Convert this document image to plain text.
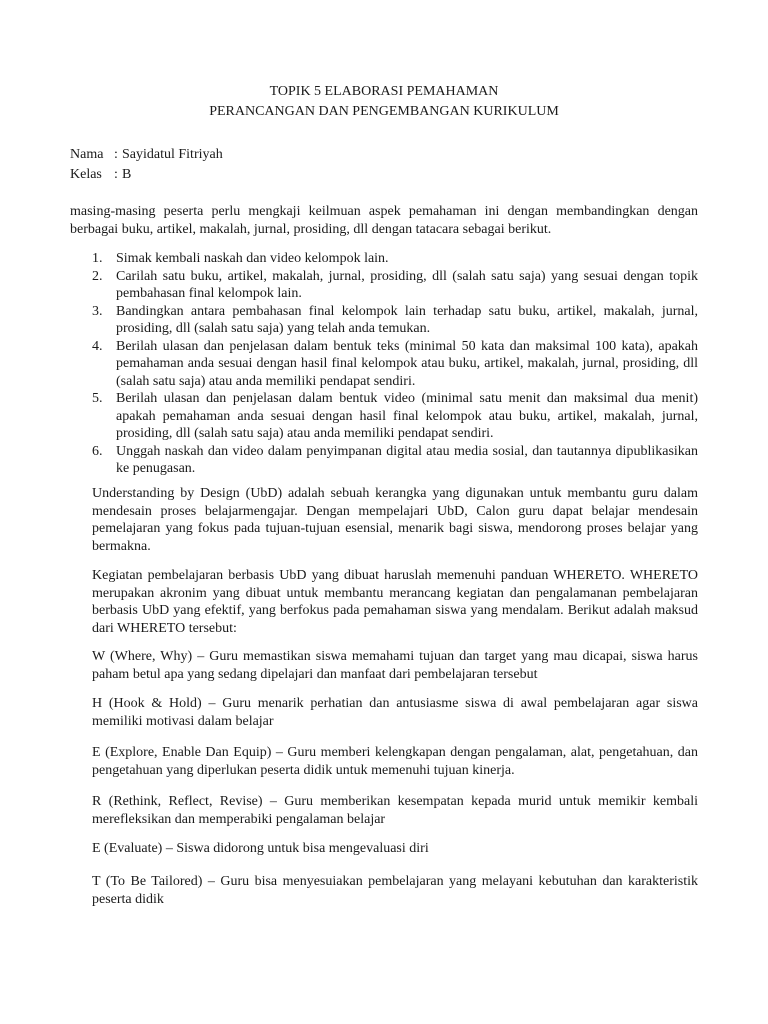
TOPIK 5 ELABORASI PEMAHAMAN
PERANCANGAN DAN PENGEMBANGAN KURIKULUM
Nama : Sayidatul Fitriyah
Kelas : B

masing-masing peserta perlu mengkaji keilmuan aspek pemahaman ini dengan membandingkan dengan berbagai buku, artikel, makalah, jurnal, prosiding, dll dengan tatacara sebagai berikut.

1. Simak kembali naskah dan video kelompok lain.
2. Carilah satu buku, artikel, makalah, jurnal, prosiding, dll (salah satu saja) yang sesuai dengan topik pembahasan final kelompok lain.
3. Bandingkan antara pembahasan final kelompok lain terhadap satu buku, artikel, makalah, jurnal, prosiding, dll (salah satu saja) yang telah anda temukan.
4. Berilah ulasan dan penjelasan dalam bentuk teks (minimal 50 kata dan maksimal 100 kata), apakah pemahaman anda sesuai dengan hasil final kelompok atau buku, artikel, makalah, jurnal, prosiding, dll (salah satu saja) atau anda memiliki pendapat sendiri.
5. Berilah ulasan dan penjelasan dalam bentuk video (minimal satu menit dan maksimal dua menit) apakah pemahaman anda sesuai dengan hasil final kelompok atau buku, artikel, makalah, jurnal, prosiding, dll (salah satu saja) atau anda memiliki pendapat sendiri.
6. Unggah naskah dan video dalam penyimpanan digital atau media sosial, dan tautannya dipublikasikan ke penugasan.

Understanding by Design (UbD) adalah sebuah kerangka yang digunakan untuk membantu guru dalam mendesain proses belajarmengajar. Dengan mempelajari UbD, Calon guru dapat belajar mendesain pemelajaran yang fokus pada tujuan-tujuan esensial, menarik bagi siswa, mendorong proses belajar yang bermakna.

Kegiatan pembelajaran berbasis UbD yang dibuat haruslah memenuhi panduan WHERETO. WHERETO merupakan akronim yang dibuat untuk membantu merancang kegiatan dan pengalamanan pembelajaran berbasis UbD yang efektif, yang berfokus pada pemahaman siswa yang mendalam. Berikut adalah maksud dari WHERETO tersebut:

W (Where, Why) – Guru memastikan siswa memahami tujuan dan target yang mau dicapai, siswa harus paham betul apa yang sedang dipelajari dan manfaat dari pembelajaran tersebut

H (Hook & Hold) – Guru menarik perhatian dan antusiasme siswa di awal pembelajaran agar siswa memiliki motivasi dalam belajar

E (Explore, Enable Dan Equip) – Guru memberi kelengkapan dengan pengalaman, alat, pengetahuan, dan pengetahuan yang diperlukan peserta didik untuk memenuhi tujuan kinerja.

R (Rethink, Reflect, Revise) – Guru memberikan kesempatan kepada murid untuk memikir kembali merefleksikan dan memperabiki pengalaman belajar

E (Evaluate) – Siswa didorong untuk bisa mengevaluasi diri

T (To Be Tailored) – Guru bisa menyesuiakan pembelajaran yang melayani kebutuhan dan karakteristik peserta didik
